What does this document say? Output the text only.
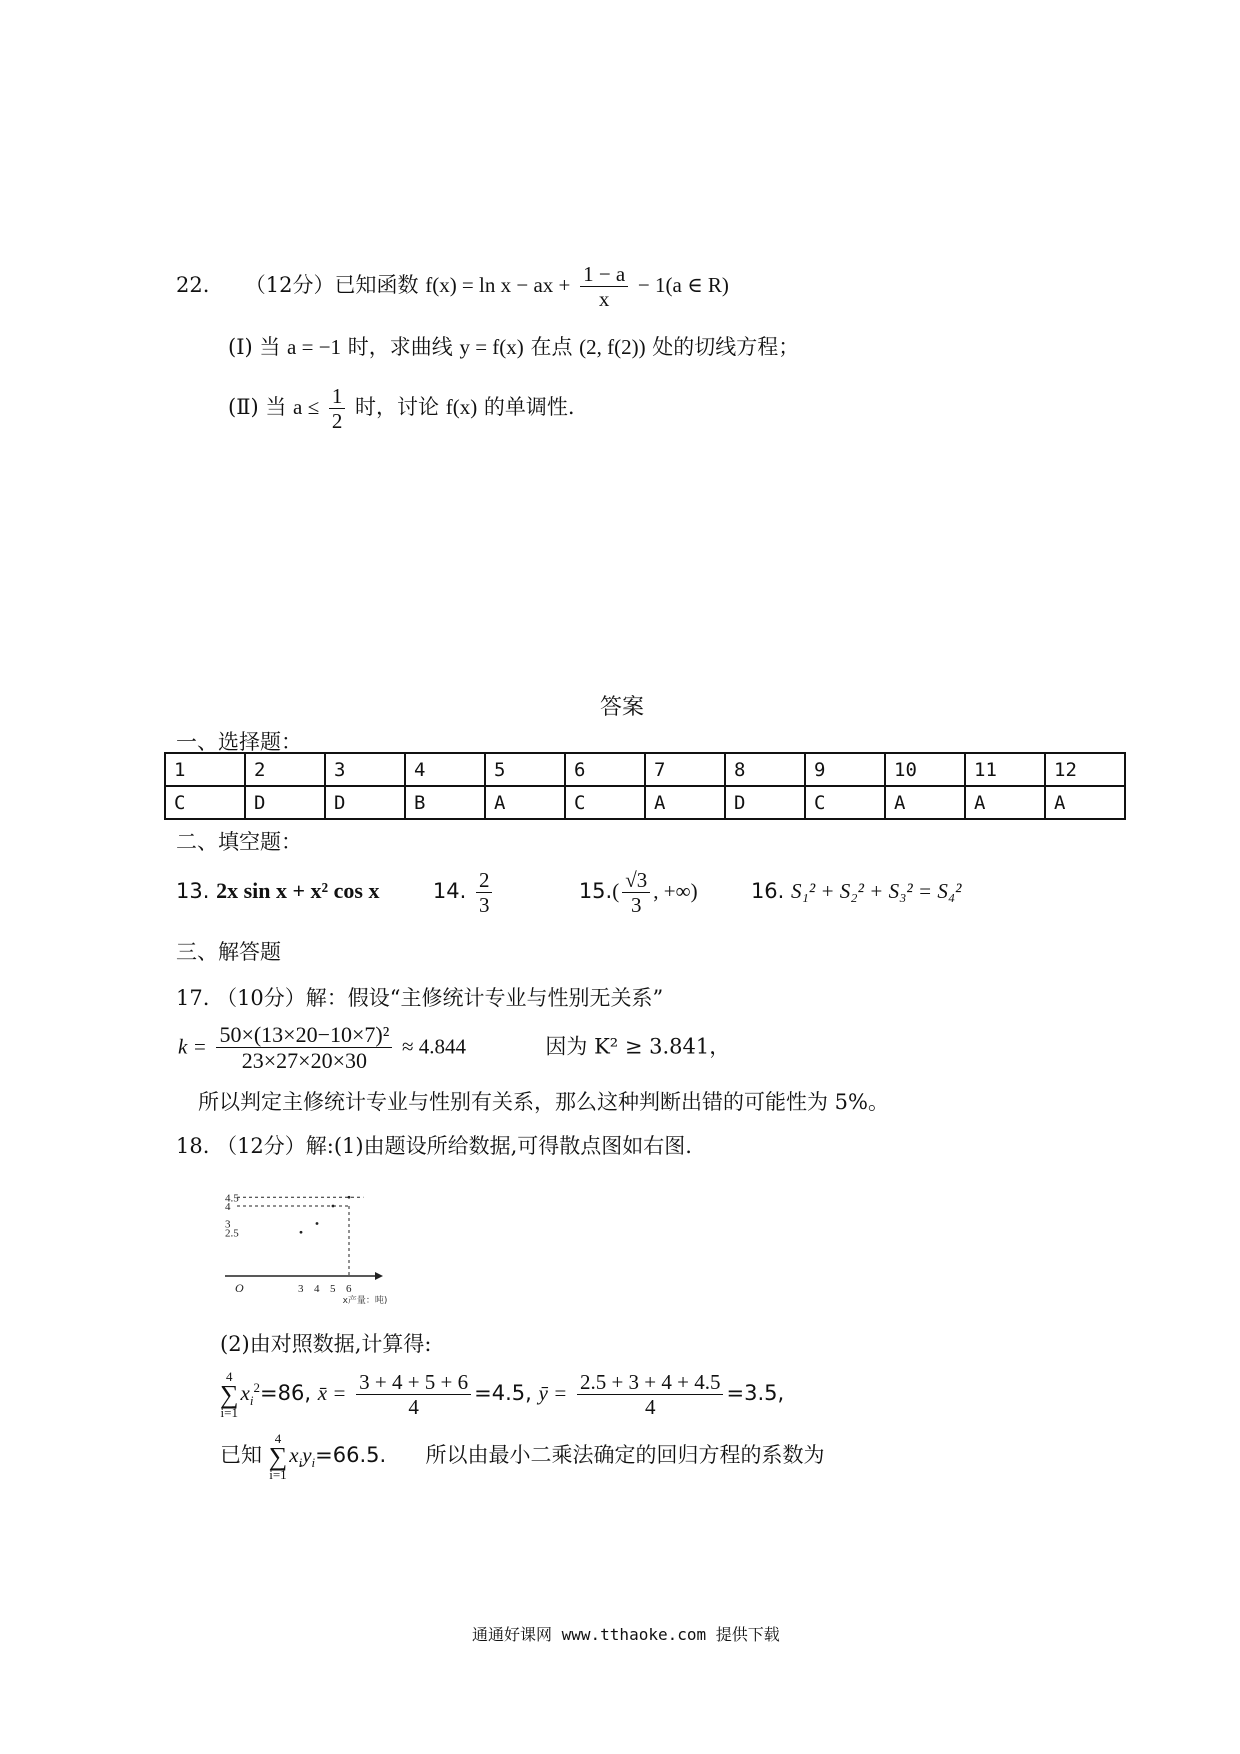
22. （12分）已知函数 f(x) = ln x − ax + $\frac{1 - a}{x} - 1(a$ ∈ R)
(Ⅰ) 当 a = −1 时，求曲线 y = f(x) 在点 (2, f(2)) 处的切线方程；
(Ⅱ) 当 $a \le \frac{1}{2}$ 时，讨论 f(x) 的单调性.
答案
一、选择题：
1	2	3	4	5	6	7	8	9	10	11	12
C	D	D	B	A	C	A	D	C	A	A	A
二、填空题：
13. 2x sin x + x² cos x	14. $\frac{2}{3}$	$15.( \frac{√3}{3}$ , +∞)	16. S₁² + S₂² + S₃² = S₄²
三、解答题
17. （10分）解：假设“主修统计专业与性别无关系”
$k = \frac{\text{50×(13×20−10×7)²}}{23\times 27\times 20\times 30} \approx 4.844$	因为 K² ≥ 3.841，
所以判定主修统计专业与性别有关系，那么这种判断出错的可能性为 5%。
18. （12分）解:(1)由题设所给数据,可得散点图如右图.
4.5
4
3
2.5
3 4 5 6
O
x产量：吨)
(2)由对照数据,计算得:
4
∑
$i=1x_i^2=86$, x̄ = $\frac{3 + 4 + 5 + 6}{4} =4.5$, ȳ = $\frac{2.5 + 3 + 4 + 4.5}{4} =3.5$,
已知 4
∑
$i=1x_iy_i=66.5$. 所以由最小二乘法确定的回归方程的系数为
通通好课网 www.tthaoke.com 提供下载
